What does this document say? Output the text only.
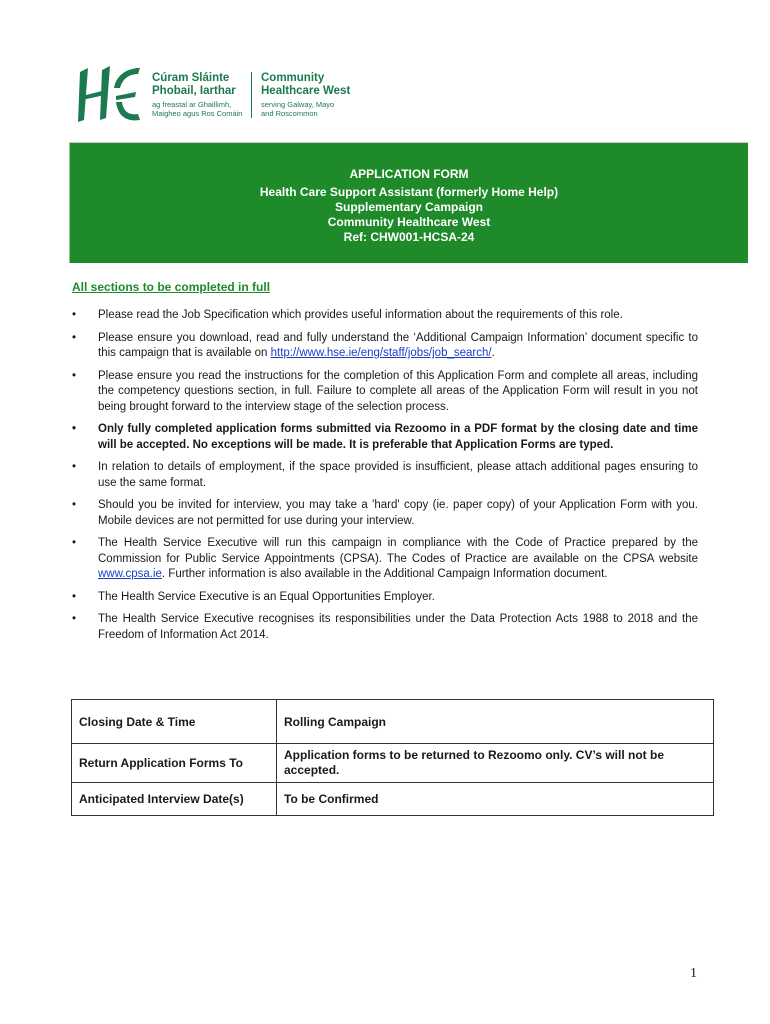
Cúram Sláinte
Phobail, Iarthar
ag freastal ar Ghaillimh,
Maigheo agus Ros Comáin
Community
Healthcare West
serving Galway, Mayo
and Roscommon
APPLICATION FORM
Health Care Support Assistant (formerly Home Help)
Supplementary Campaign
Community Healthcare West
Ref: CHW001-HCSA-24
All sections to be completed in full
• Please read the Job Specification which provides useful information about the requirements of this role.
• Please ensure you download, read and fully understand the ‘Additional Campaign Information’ document specific to this campaign that is available on http://www.hse.ie/eng/staff/jobs/job_search/.
• Please ensure you read the instructions for the completion of this Application Form and complete all areas, including the competency questions section, in full. Failure to complete all areas of the Application Form will result in you not being brought forward to the interview stage of the selection process.
• Only fully completed application forms submitted via Rezoomo in a PDF format by the closing date and time will be accepted. No exceptions will be made. It is preferable that Application Forms are typed.
• In relation to details of employment, if the space provided is insufficient, please attach additional pages ensuring to use the same format.
• Should you be invited for interview, you may take a 'hard' copy (ie. paper copy) of your Application Form with you. Mobile devices are not permitted for use during your interview.
• The Health Service Executive will run this campaign in compliance with the Code of Practice prepared by the Commission for Public Service Appointments (CPSA). The Codes of Practice are available on the CPSA website www.cpsa.ie. Further information is also available in the Additional Campaign Information document.
• The Health Service Executive is an Equal Opportunities Employer.
• The Health Service Executive recognises its responsibilities under the Data Protection Acts 1988 to 2018 and the Freedom of Information Act 2014.
Closing Date & Time	Rolling Campaign
Return Application Forms To	Application forms to be returned to Rezoomo only. CV’s will not be accepted.
Anticipated Interview Date(s)	To be Confirmed
1
